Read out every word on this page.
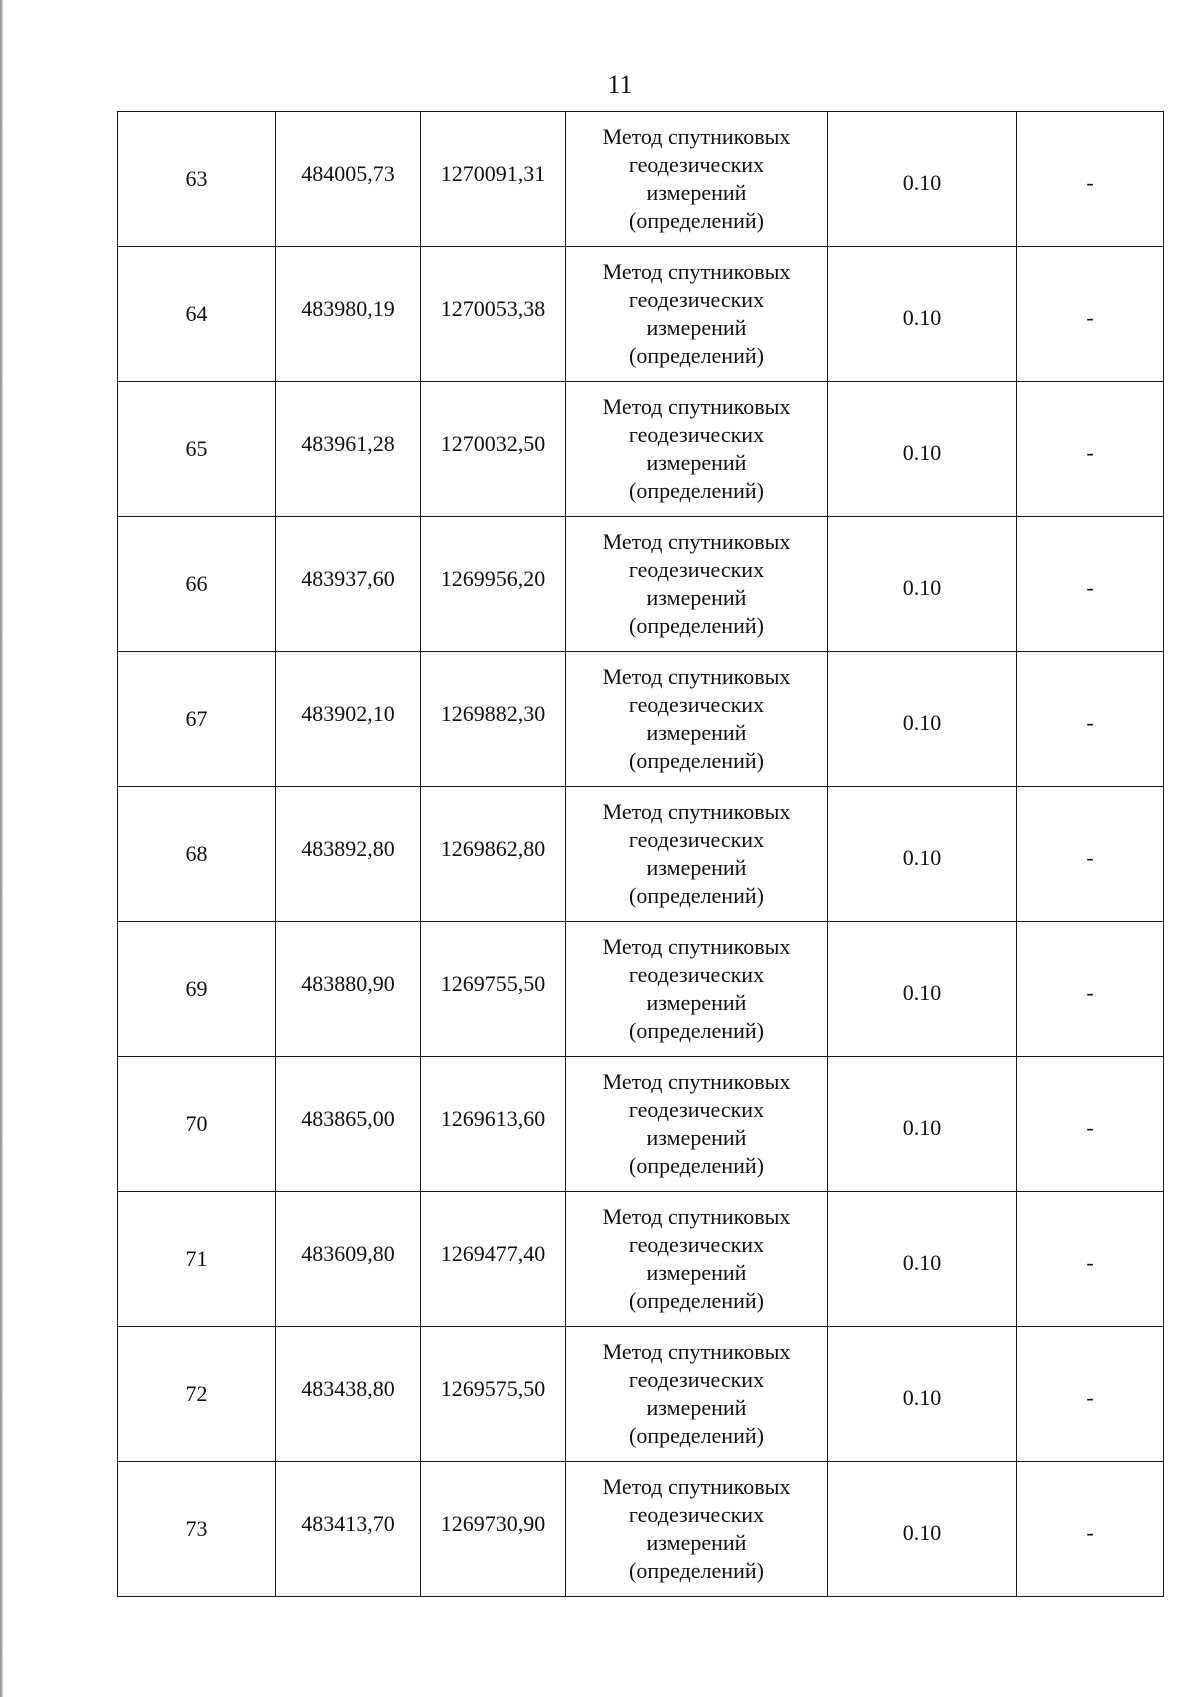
11
63	484005,73	1270091,31	Метод спутниковых
геодезических
измерений
(определений)	0.10	-
64	483980,19	1270053,38	Метод спутниковых
геодезических
измерений
(определений)	0.10	-
65	483961,28	1270032,50	Метод спутниковых
геодезических
измерений
(определений)	0.10	-
66	483937,60	1269956,20	Метод спутниковых
геодезических
измерений
(определений)	0.10	-
67	483902,10	1269882,30	Метод спутниковых
геодезических
измерений
(определений)	0.10	-
68	483892,80	1269862,80	Метод спутниковых
геодезических
измерений
(определений)	0.10	-
69	483880,90	1269755,50	Метод спутниковых
геодезических
измерений
(определений)	0.10	-
70	483865,00	1269613,60	Метод спутниковых
геодезических
измерений
(определений)	0.10	-
71	483609,80	1269477,40	Метод спутниковых
геодезических
измерений
(определений)	0.10	-
72	483438,80	1269575,50	Метод спутниковых
геодезических
измерений
(определений)	0.10	-
73	483413,70	1269730,90	Метод спутниковых
геодезических
измерений
(определений)	0.10	-
